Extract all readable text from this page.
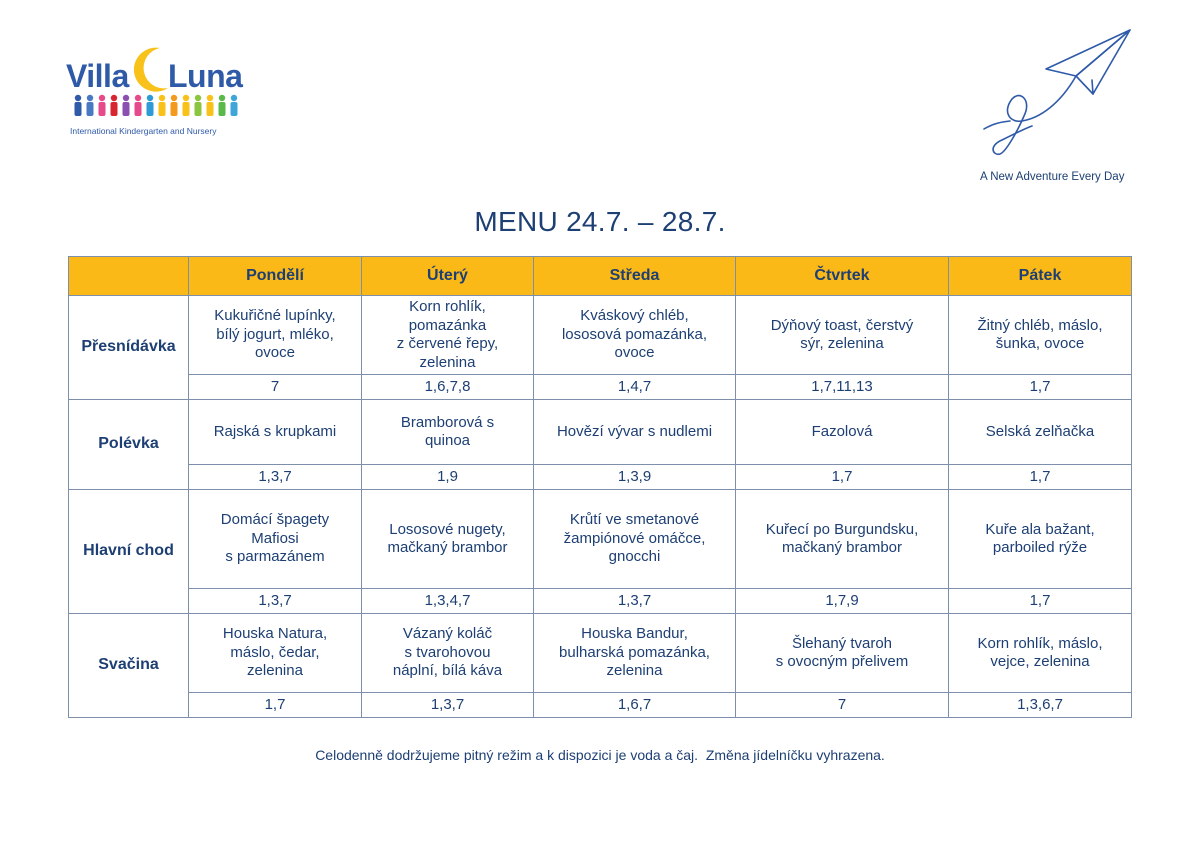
Villa Luna
International Kindergarten and Nursery
A New Adventure Every Day
MENU 24.7. – 28.7.
	Pondělí	Úterý	Středa	Čtvrtek	Pátek
Přesnídávka	Kukuřičné lupínky,
bílý jogurt, mléko,
ovoce	Korn rohlík,
pomazánka
z červené řepy,
zelenina	Kváskový chléb,
lososová pomazánka,
ovoce	Dýňový toast, čerstvý
sýr, zelenina	Žitný chléb, máslo,
šunka, ovoce
	7	1,6,7,8	1,4,7	1,7,11,13	1,7
Polévka	Rajská s krupkami	Bramborová s
quinoa	Hovězí vývar s nudlemi	Fazolová	Selská zelňačka
	1,3,7	1,9	1,3,9	1,7	1,7
Hlavní chod	Domácí špagety
Mafiosi
s parmazánem	Lososové nugety,
mačkaný brambor	Krůtí ve smetanové
žampiónové omáčce,
gnocchi	Kuřecí po Burgundsku,
mačkaný brambor	Kuře ala bažant,
parboiled rýže
	1,3,7	1,3,4,7	1,3,7	1,7,9	1,7
Svačina	Houska Natura,
máslo, čedar,
zelenina	Vázaný koláč
s tvarohovou
náplní, bílá káva	Houska Bandur,
bulharská pomazánka,
zelenina	Šlehaný tvaroh
s ovocným přelivem	Korn rohlík, máslo,
vejce, zelenina
	1,7	1,3,7	1,6,7	7	1,3,6,7
Celodenně dodržujeme pitný režim a k dispozici je voda a čaj.  Změna jídelníčku vyhrazena.
